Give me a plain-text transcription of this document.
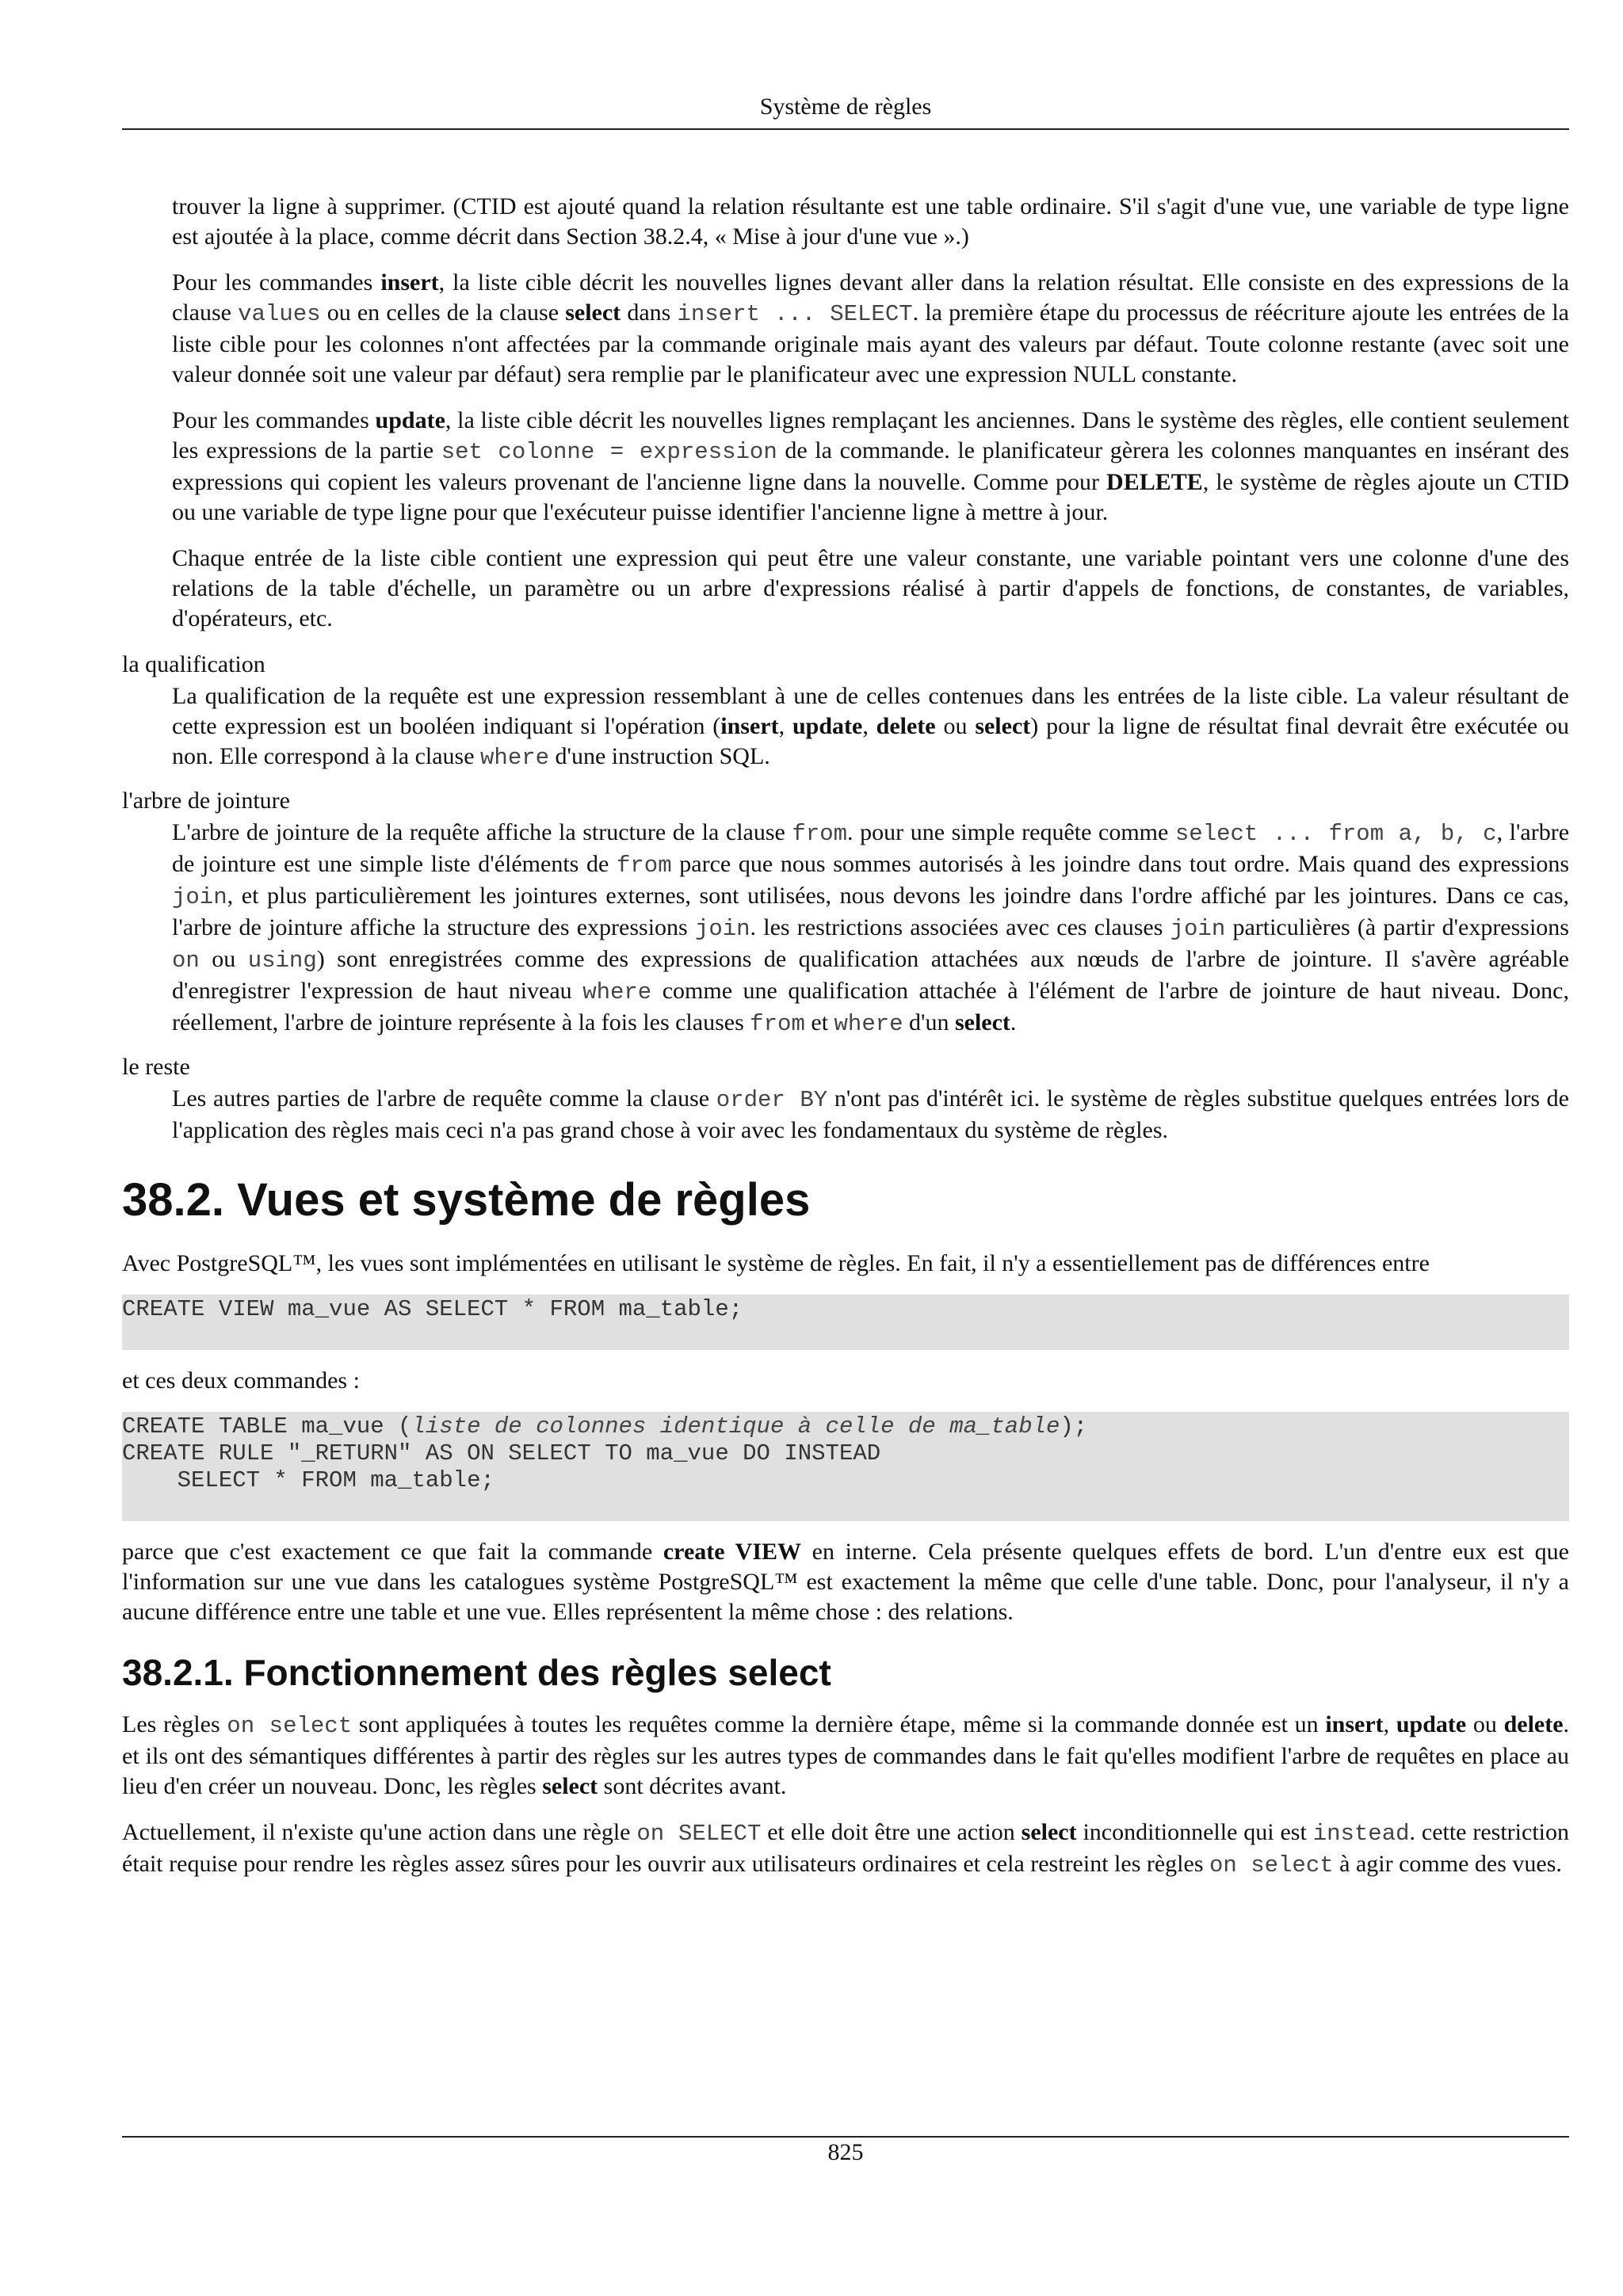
Système de règles
trouver la ligne à supprimer. (CTID est ajouté quand la relation résultante est une table ordinaire. S'il s'agit d'une vue, une variable de type ligne est ajoutée à la place, comme décrit dans Section 38.2.4, « Mise à jour d'une vue ».)
Pour les commandes insert, la liste cible décrit les nouvelles lignes devant aller dans la relation résultat. Elle consiste en des expressions de la clause values ou en celles de la clause select dans insert ... SELECT. la première étape du processus de réécriture ajoute les entrées de la liste cible pour les colonnes n'ont affectées par la commande originale mais ayant des valeurs par défaut. Toute colonne restante (avec soit une valeur donnée soit une valeur par défaut) sera remplie par le planificateur avec une expression NULL constante.
Pour les commandes update, la liste cible décrit les nouvelles lignes remplaçant les anciennes. Dans le système des règles, elle contient seulement les expressions de la partie set colonne = expression de la commande. le planificateur gèrera les colonnes manquantes en insérant des expressions qui copient les valeurs provenant de l'ancienne ligne dans la nouvelle. Comme pour DELETE, le système de règles ajoute un CTID ou une variable de type ligne pour que l'exécuteur puisse identifier l'ancienne ligne à mettre à jour.
Chaque entrée de la liste cible contient une expression qui peut être une valeur constante, une variable pointant vers une colonne d'une des relations de la table d'échelle, un paramètre ou un arbre d'expressions réalisé à partir d'appels de fonctions, de constantes, de variables, d'opérateurs, etc.
la qualification
La qualification de la requête est une expression ressemblant à une de celles contenues dans les entrées de la liste cible. La valeur résultant de cette expression est un booléen indiquant si l'opération (insert, update, delete ou select) pour la ligne de résultat final devrait être exécutée ou non. Elle correspond à la clause where d'une instruction SQL.
l'arbre de jointure
L'arbre de jointure de la requête affiche la structure de la clause from. pour une simple requête comme select ... from a, b, c, l'arbre de jointure est une simple liste d'éléments de from parce que nous sommes autorisés à les joindre dans tout ordre. Mais quand des expressions join, et plus particulièrement les jointures externes, sont utilisées, nous devons les joindre dans l'ordre affiché par les jointures. Dans ce cas, l'arbre de jointure affiche la structure des expressions join. les restrictions associées avec ces clauses join particulières (à partir d'expressions on ou using) sont enregistrées comme des expressions de qualification attachées aux nœuds de l'arbre de jointure. Il s'avère agréable d'enregistrer l'expression de haut niveau where comme une qualification attachée à l'élément de l'arbre de jointure de haut niveau. Donc, réellement, l'arbre de jointure représente à la fois les clauses from et where d'un select.
le reste
Les autres parties de l'arbre de requête comme la clause order BY n'ont pas d'intérêt ici. le système de règles substitue quelques entrées lors de l'application des règles mais ceci n'a pas grand chose à voir avec les fondamentaux du système de règles.
38.2. Vues et système de règles
Avec PostgreSQL™, les vues sont implémentées en utilisant le système de règles. En fait, il n'y a essentiellement pas de différences entre
CREATE VIEW ma_vue AS SELECT * FROM ma_table;
et ces deux commandes :
CREATE TABLE ma_vue (liste de colonnes identique à celle de ma_table);
CREATE RULE "_RETURN" AS ON SELECT TO ma_vue DO INSTEAD
SELECT * FROM ma_table;
parce que c'est exactement ce que fait la commande create VIEW en interne. Cela présente quelques effets de bord. L'un d'entre eux est que l'information sur une vue dans les catalogues système PostgreSQL™ est exactement la même que celle d'une table. Donc, pour l'analyseur, il n'y a aucune différence entre une table et une vue. Elles représentent la même chose : des relations.
38.2.1. Fonctionnement des règles select
Les règles on select sont appliquées à toutes les requêtes comme la dernière étape, même si la commande donnée est un insert, update ou delete. et ils ont des sémantiques différentes à partir des règles sur les autres types de commandes dans le fait qu'elles modifient l'arbre de requêtes en place au lieu d'en créer un nouveau. Donc, les règles select sont décrites avant.
Actuellement, il n'existe qu'une action dans une règle on SELECT et elle doit être une action select inconditionnelle qui est instead. cette restriction était requise pour rendre les règles assez sûres pour les ouvrir aux utilisateurs ordinaires et cela restreint les règles on select à agir comme des vues.
825
